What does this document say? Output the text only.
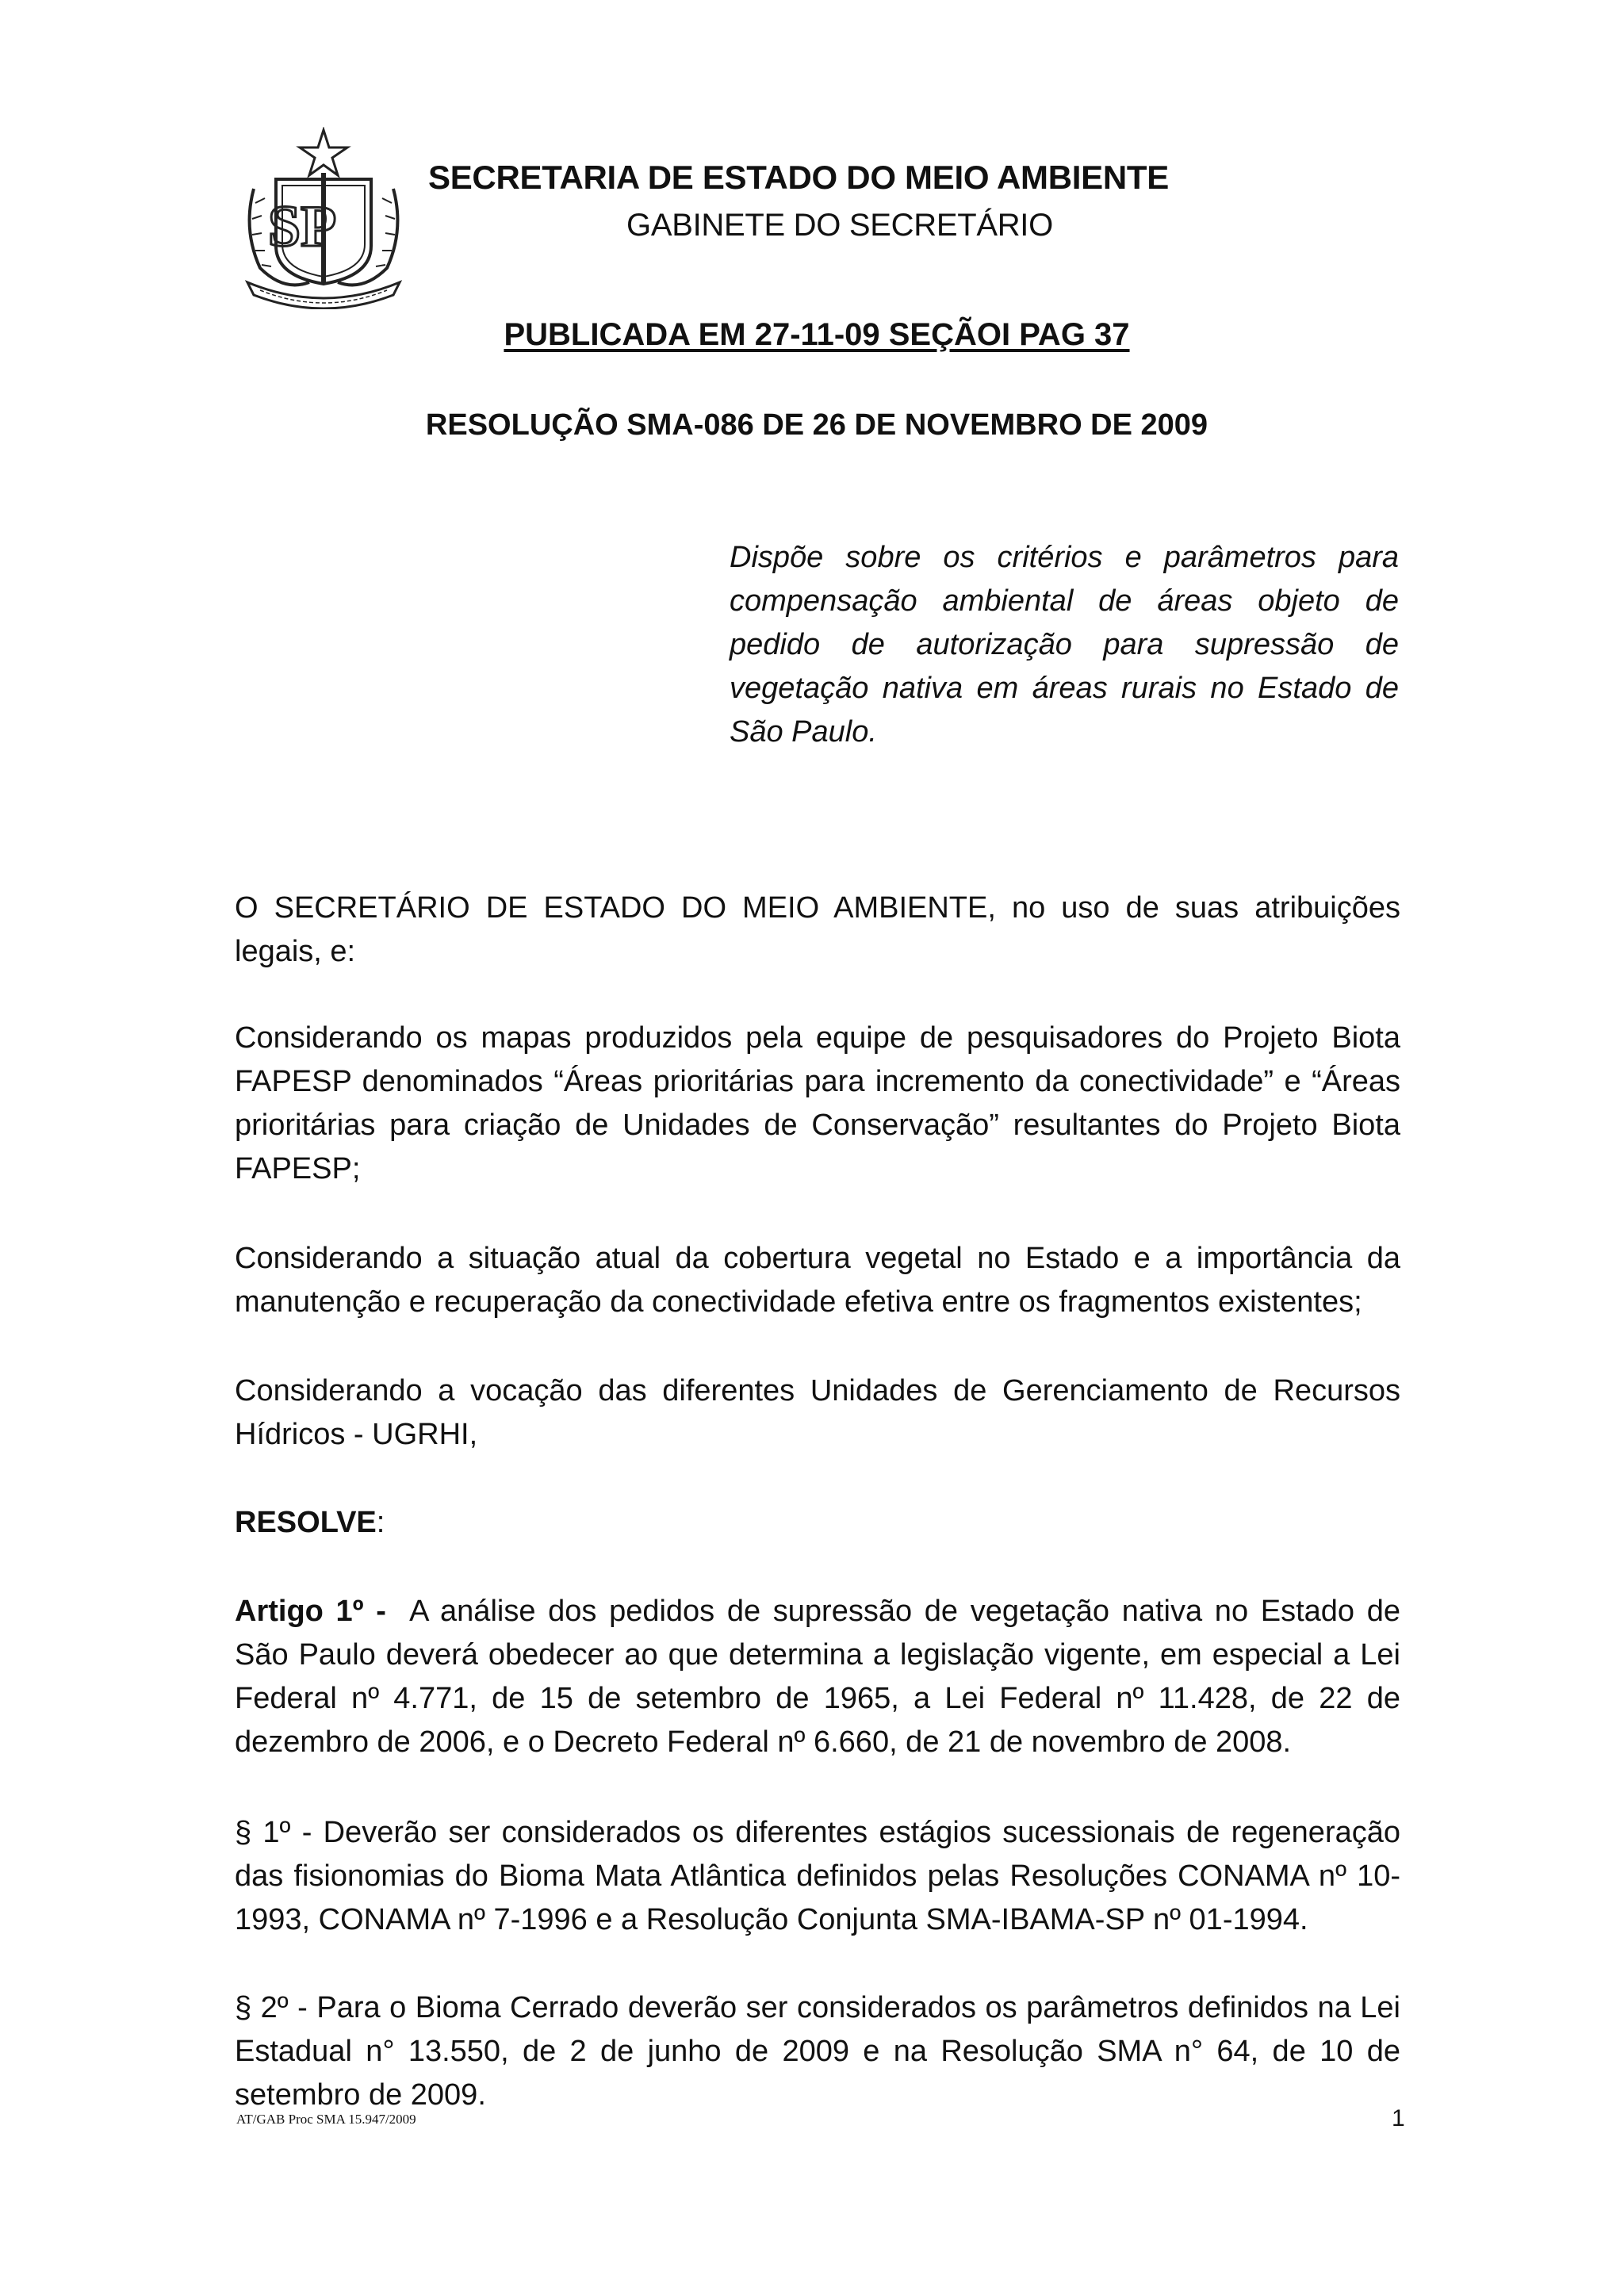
SP
SECRETARIA DE ESTADO DO MEIO AMBIENTE
GABINETE DO SECRETÁRIO
PUBLICADA EM 27-11-09 SEÇÃOI PAG 37
RESOLUÇÃO SMA-086 DE 26 DE NOVEMBRO DE 2009
Dispõe sobre os critérios e parâmetros para compensação ambiental de áreas objeto de pedido de autorização para supressão de vegetação nativa em áreas rurais no Estado de São Paulo.
O SECRETÁRIO DE ESTADO DO MEIO AMBIENTE, no uso de suas atribuições legais, e:
Considerando os mapas produzidos pela equipe de pesquisadores do Projeto Biota FAPESP denominados “Áreas prioritárias para incremento da conectividade” e “Áreas prioritárias para criação de Unidades de Conservação” resultantes do Projeto Biota FAPESP;
Considerando a situação atual da cobertura vegetal no Estado e a importância da manutenção e recuperação da conectividade efetiva entre os fragmentos existentes;
Considerando a vocação das diferentes Unidades de Gerenciamento de Recursos Hídricos - UGRHI,
RESOLVE:
Artigo 1º - A análise dos pedidos de supressão de vegetação nativa no Estado de São Paulo deverá obedecer ao que determina a legislação vigente, em especial a Lei Federal nº 4.771, de 15 de setembro de 1965, a Lei Federal nº 11.428, de 22 de dezembro de 2006, e o Decreto Federal nº 6.660, de 21 de novembro de 2008.
§ 1º - Deverão ser considerados os diferentes estágios sucessionais de regeneração das fisionomias do Bioma Mata Atlântica definidos pelas Resoluções CONAMA nº 10-1993, CONAMA nº 7-1996 e a Resolução Conjunta SMA-IBAMA-SP nº 01-1994.
§ 2º - Para o Bioma Cerrado deverão ser considerados os parâmetros definidos na Lei Estadual n° 13.550, de 2 de junho de 2009 e na Resolução SMA n° 64, de 10 de setembro de 2009.
AT/GAB Proc SMA 15.947/2009	1
